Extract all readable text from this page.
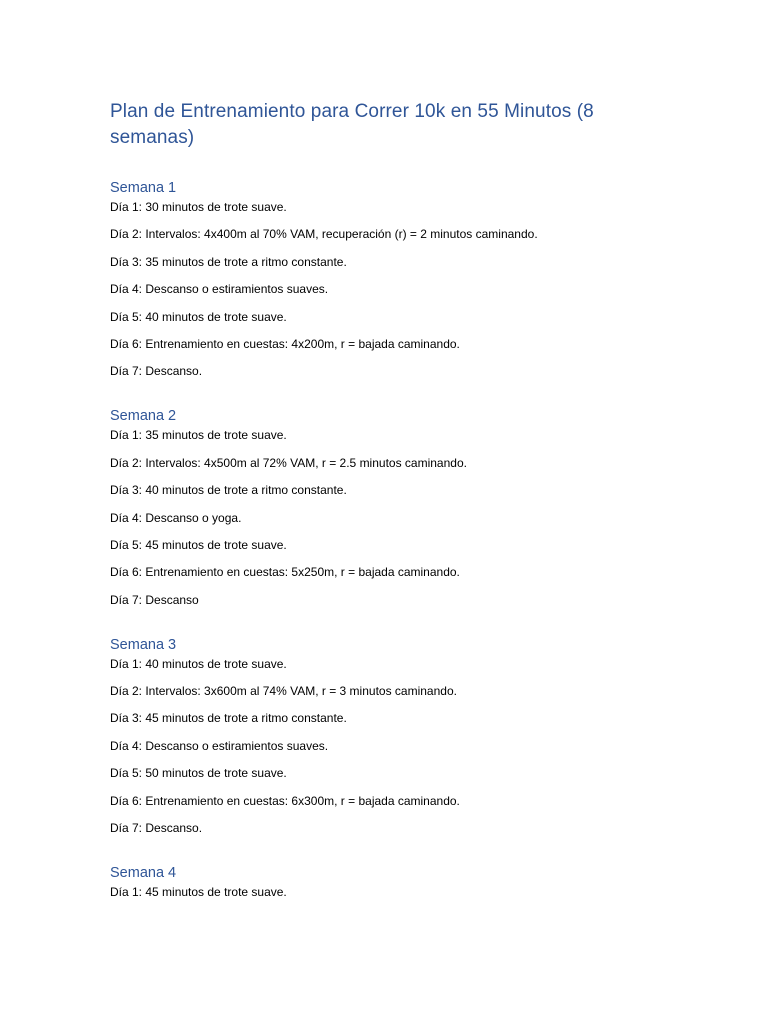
Plan de Entrenamiento para Correr 10k en 55 Minutos (8 semanas)
Semana 1

Día 1: 30 minutos de trote suave.

Día 2: Intervalos: 4x400m al 70% VAM, recuperación (r) = 2 minutos caminando.

Día 3: 35 minutos de trote a ritmo constante.

Día 4: Descanso o estiramientos suaves.

Día 5: 40 minutos de trote suave.

Día 6: Entrenamiento en cuestas: 4x200m, r = bajada caminando.

Día 7: Descanso.

Semana 2

Día 1: 35 minutos de trote suave.

Día 2: Intervalos: 4x500m al 72% VAM, r = 2.5 minutos caminando.

Día 3: 40 minutos de trote a ritmo constante.

Día 4: Descanso o yoga.

Día 5: 45 minutos de trote suave.

Día 6: Entrenamiento en cuestas: 5x250m, r = bajada caminando.

Día 7: Descanso

Semana 3

Día 1: 40 minutos de trote suave.

Día 2: Intervalos: 3x600m al 74% VAM, r = 3 minutos caminando.

Día 3: 45 minutos de trote a ritmo constante.

Día 4: Descanso o estiramientos suaves.

Día 5: 50 minutos de trote suave.

Día 6: Entrenamiento en cuestas: 6x300m, r = bajada caminando.

Día 7: Descanso.

Semana 4

Día 1: 45 minutos de trote suave.
